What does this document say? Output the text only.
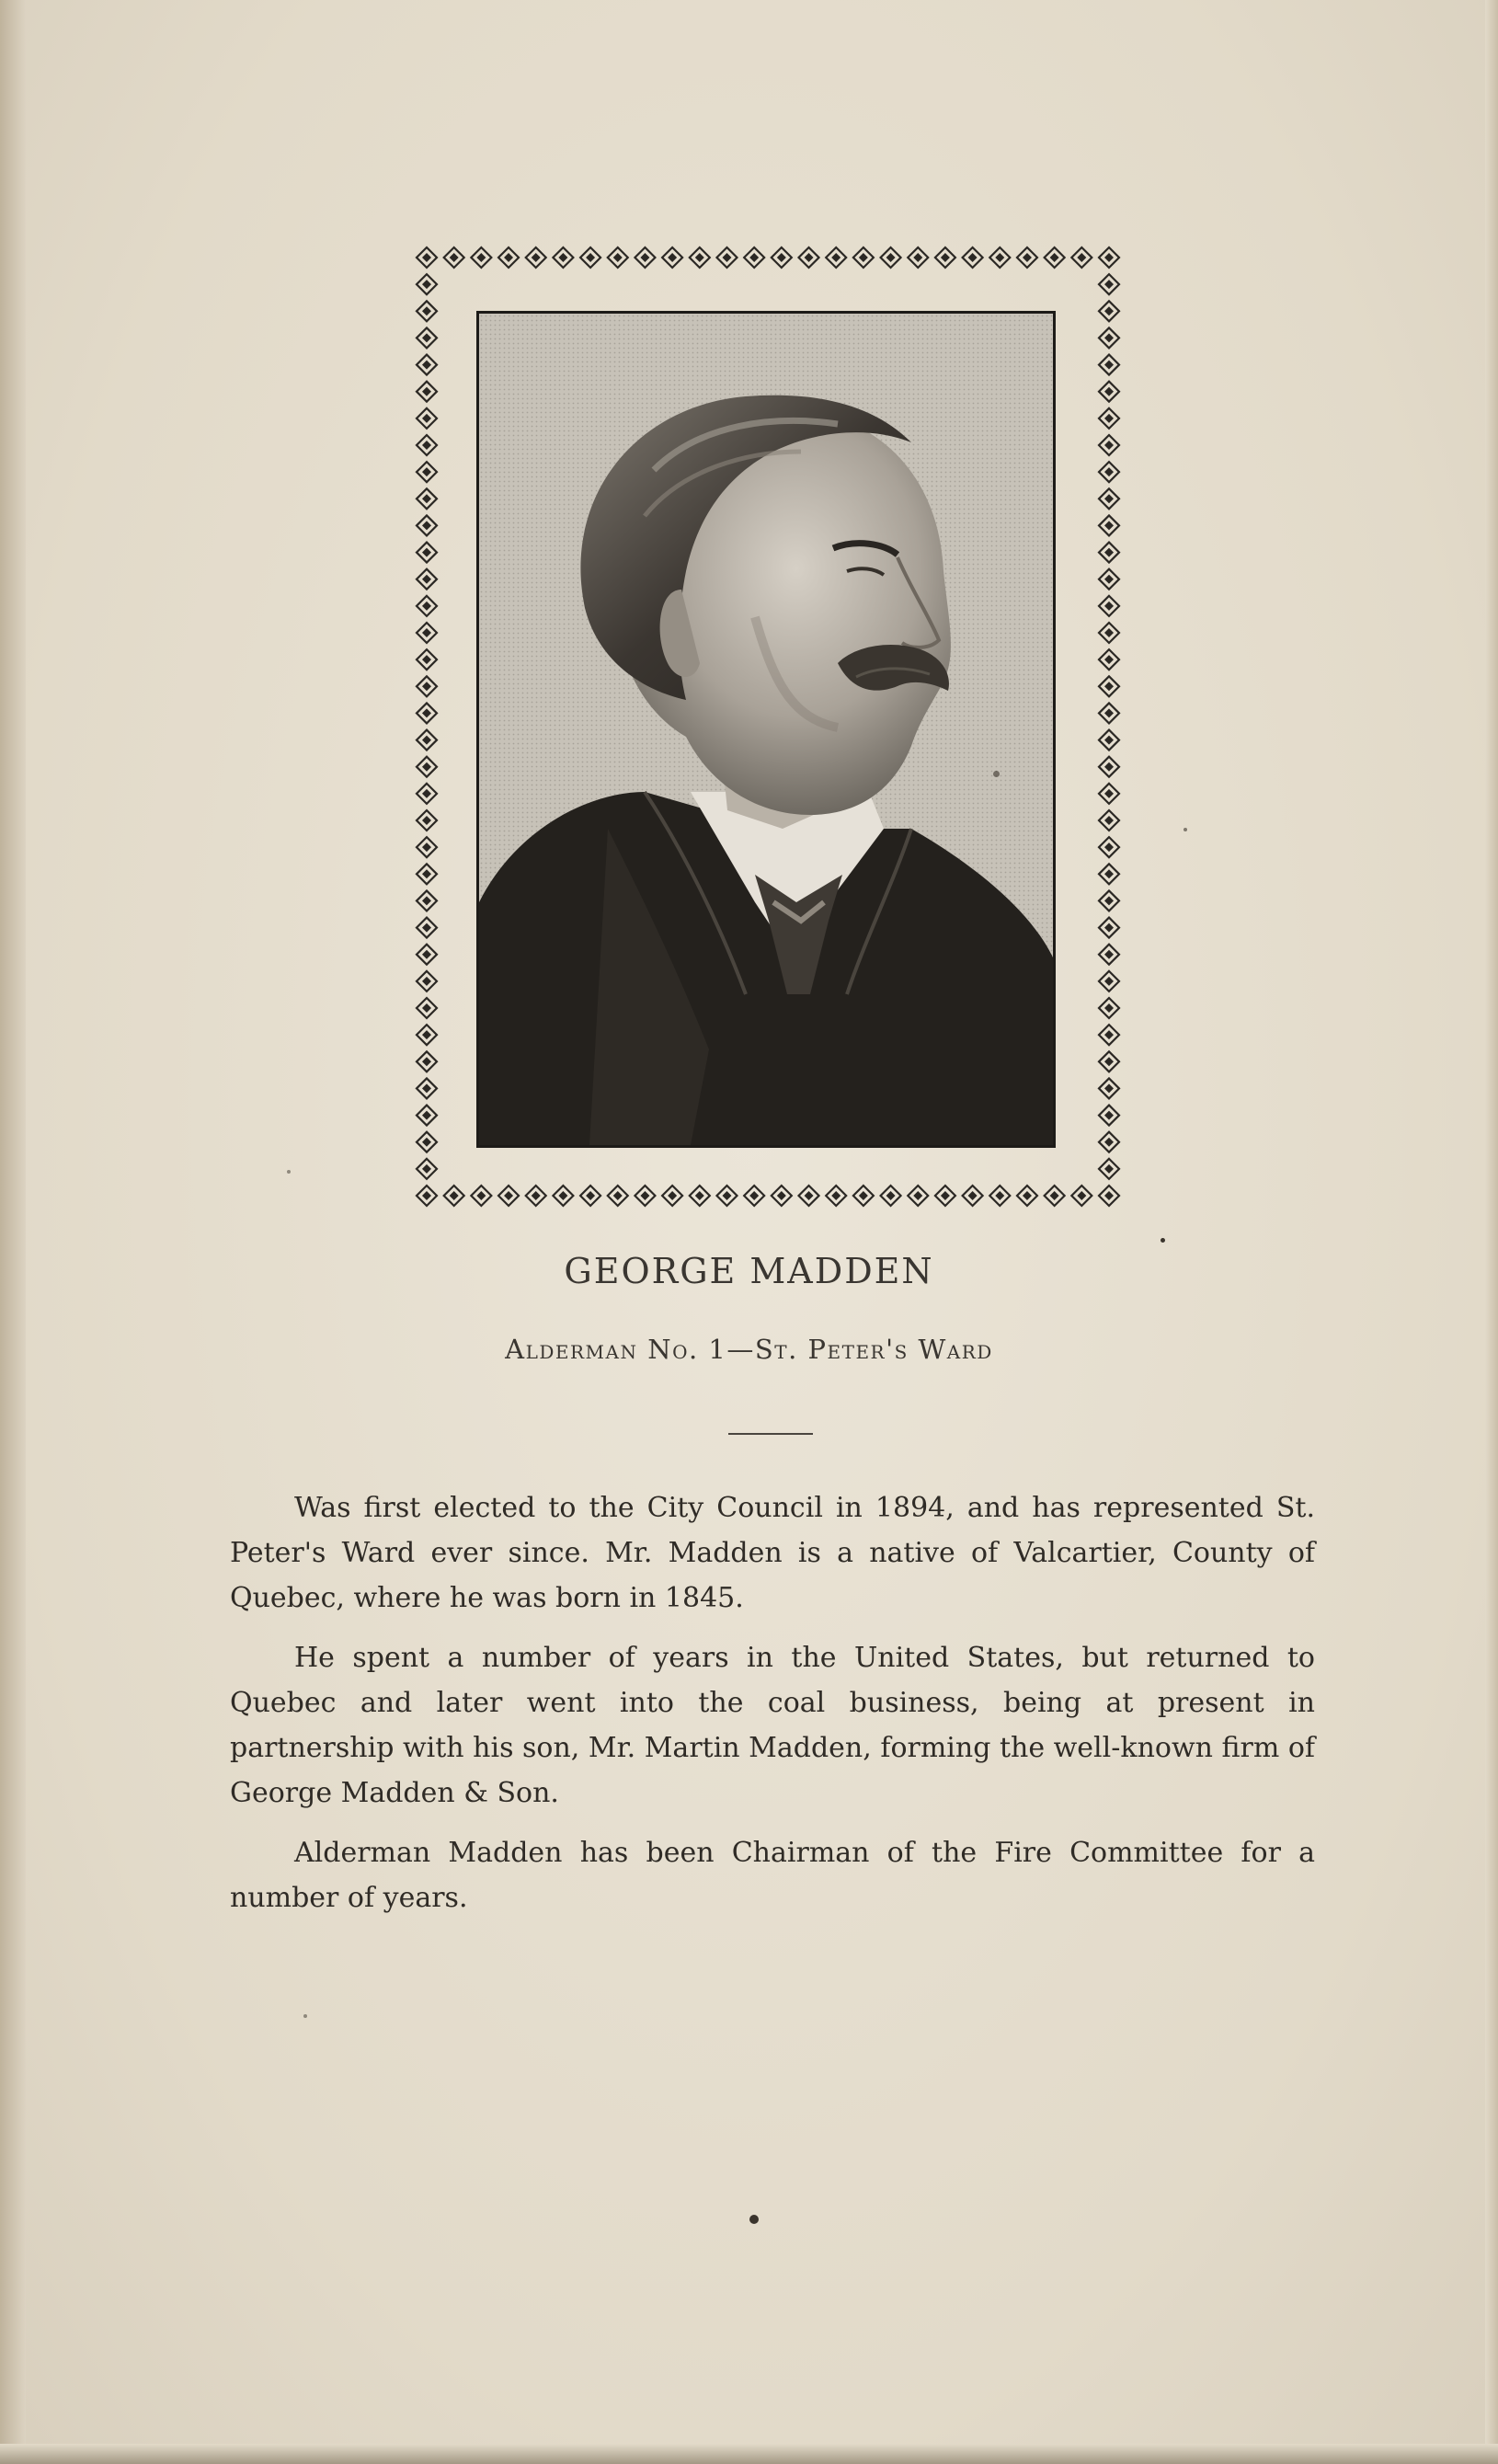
GEORGE MADDEN
Alderman No. 1—St. Peter's Ward

Was first elected to the City Council in 1894, and has represented St. Peter's Ward ever since. Mr. Madden is a native of Valcartier, County of Quebec, where he was born in 1845.

He spent a number of years in the United States, but returned to Quebec and later went into the coal business, being at present in partnership with his son, Mr. Martin Madden, forming the well-known firm of George Madden & Son.

Alderman Madden has been Chairman of the Fire Committee for a number of years.
